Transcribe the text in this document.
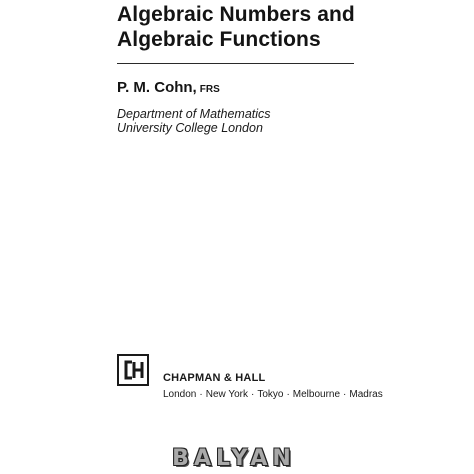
Algebraic Numbers and
Algebraic Functions
P. M. Cohn, FRS
Department of Mathematics
University College London
CHAPMAN & HALL
London · New York · Tokyo · Melbourne · Madras
BALYAN
